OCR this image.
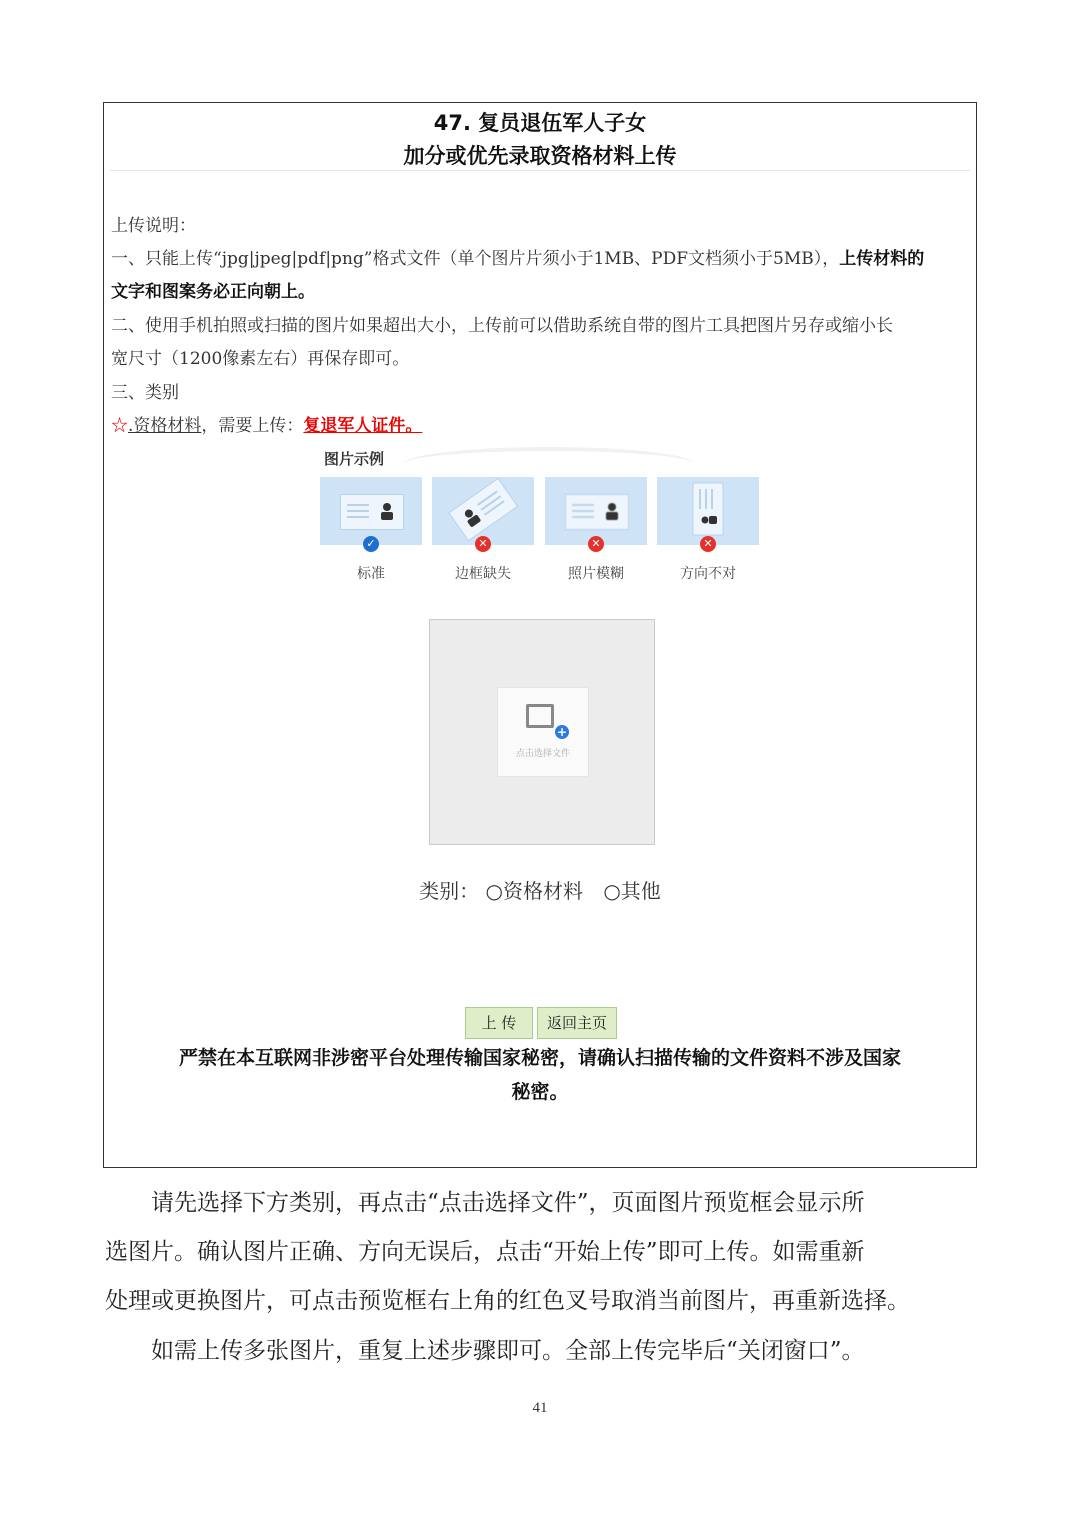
47. 复员退伍军人子女
加分或优先录取资格材料上传
上传说明：
一、只能上传“jpg|jpeg|pdf|png”格式文件（单个图片片须小于1MB、PDF文档须小于5MB），上传材料的
文字和图案务必正向朝上。
二、使用手机拍照或扫描的图片如果超出大小，上传前可以借助系统自带的图片工具把图片另存或缩小长
宽尺寸（1200像素左右）再保存即可。
三、类别
☆.资格材料，需要上传：复退军人证件。
图片示例
✓
标准
✕
边框缺失
✕
照片模糊
✕
方向不对
+
点击选择文件
类别： ○资格材料 ○其他
上 传	返回主页
严禁在本互联网非涉密平台处理传输国家秘密，请确认扫描传输的文件资料不涉及国家
秘密。
请先选择下方类别，再点击“点击选择文件”，页面图片预览框会显示所
选图片。确认图片正确、方向无误后，点击“开始上传”即可上传。如需重新
处理或更换图片，可点击预览框右上角的红色叉号取消当前图片，再重新选择。
如需上传多张图片，重复上述步骤即可。全部上传完毕后“关闭窗口”。
41
